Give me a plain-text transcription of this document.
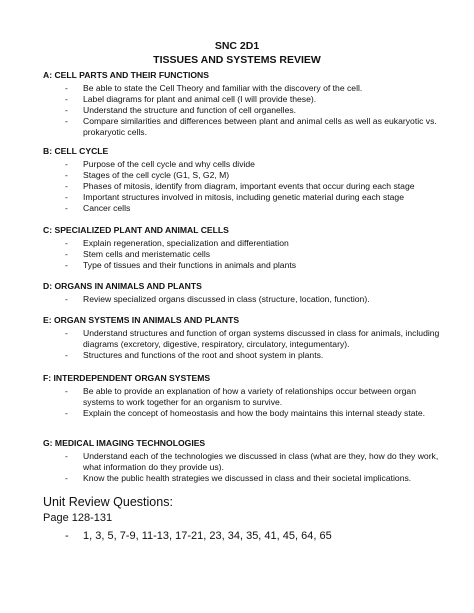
SNC 2D1
TISSUES AND SYSTEMS REVIEW
A: CELL PARTS AND THEIR FUNCTIONS
- Be able to state the Cell Theory and familiar with the discovery of the cell.
- Label diagrams for plant and animal cell (I will provide these).
- Understand the structure and function of cell organelles.
- Compare similarities and differences between plant and animal cells as well as eukaryotic vs. prokaryotic cells.
B: CELL CYCLE
- Purpose of the cell cycle and why cells divide
- Stages of the cell cycle (G1, S, G2, M)
- Phases of mitosis, identify from diagram, important events that occur during each stage
- Important structures involved in mitosis, including genetic material during each stage
- Cancer cells
C: SPECIALIZED PLANT AND ANIMAL CELLS
- Explain regeneration, specialization and differentiation
- Stem cells and meristematic cells
- Type of tissues and their functions in animals and plants
D: ORGANS IN ANIMALS AND PLANTS
- Review specialized organs discussed in class (structure, location, function).
E: ORGAN SYSTEMS IN ANIMALS AND PLANTS
- Understand structures and function of organ systems discussed in class for animals, including diagrams (excretory, digestive, respiratory, circulatory, integumentary).
- Structures and functions of the root and shoot system in plants.
F: INTERDEPENDENT ORGAN SYSTEMS
- Be able to provide an explanation of how a variety of relationships occur between organ systems to work together for an organism to survive.
- Explain the concept of homeostasis and how the body maintains this internal steady state.
G: MEDICAL IMAGING TECHNOLOGIES
- Understand each of the technologies we discussed in class (what are they, how do they work, what information do they provide us).
- Know the public health strategies we discussed in class and their societal implications.
Unit Review Questions:
Page 128-131
- 1, 3, 5, 7-9, 11-13, 17-21, 23, 34, 35, 41, 45, 64, 65
